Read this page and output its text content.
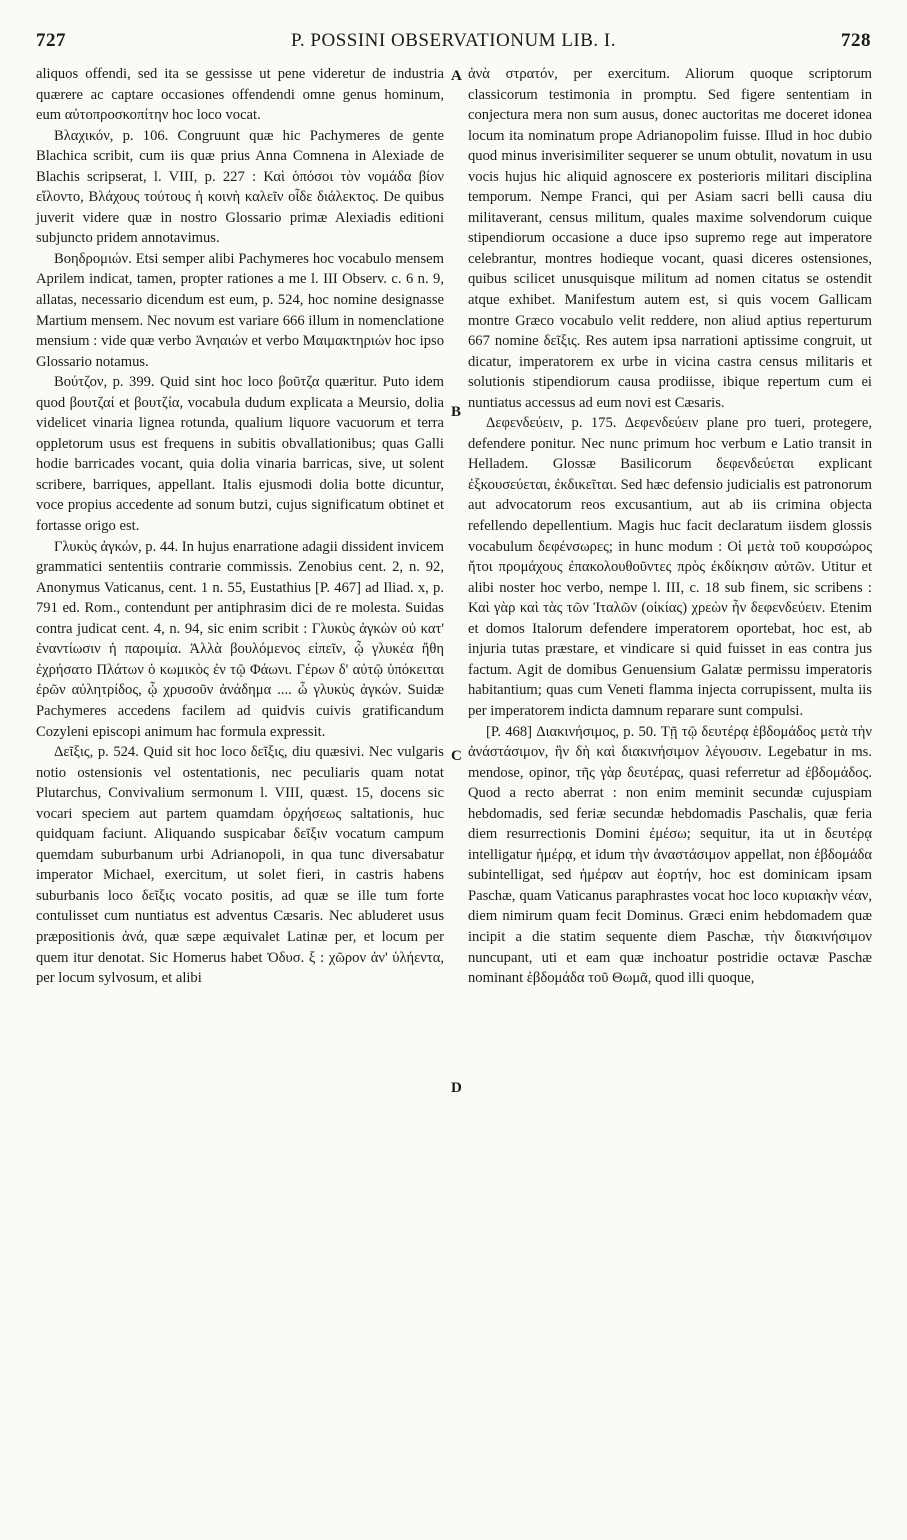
727	P. POSSINI OBSERVATIONUM LIB. I.	728
A
B
C
D

aliquos offendi, sed ita se gessisse ut pene videretur de industria quærere ac captare occasiones offendendi omne genus hominum, eum αὐτοπροσκοπίτην hoc loco vocat.

Βλαχικόν, p. 106. Congruunt quæ hic Pachymeres de gente Blachica scribit, cum iis quæ prius Anna Comnena in Alexiade de Blachis scripserat, l. VIII, p. 227 : Καὶ ὁπόσοι τὸν νομάδα βίον εἵλοντο, Βλάχους τούτους ἡ κοινὴ καλεῖν οἶδε διάλεκτος. De quibus juverit videre quæ in nostro Glossario primæ Alexiadis editioni subjuncto pridem annotavimus.

Βοηδρομιών. Etsi semper alibi Pachymeres hoc vocabulo mensem Aprilem indicat, tamen, propter rationes a me l. III Observ. c. 6 n. 9, allatas, necessario dicendum est eum, p. 524, hoc nomine designasse Martium mensem. Nec novum est variare 666 illum in nomenclatione mensium : vide quæ verbo Ἀνηαιών et verbo Μαιμακτηριών hoc ipso Glossario notamus.

Βούτζον, p. 399. Quid sint hoc loco βοῦτζα quæritur. Puto idem quod βουτζαί et βουτζία, vocabula dudum explicata a Meursio, dolia videlicet vinaria lignea rotunda, qualium liquore vacuorum et terra oppletorum usus est frequens in subitis obvallationibus; quas Galli hodie barricades vocant, quia dolia vinaria barricas, sive, ut solent scribere, barriques, appellant. Italis ejusmodi dolia botte dicuntur, voce propius accedente ad sonum butzi, cujus significatum obtinet et fortasse origo est.

Γλυκὺς ἀγκών, p. 44. In hujus enarratione adagii dissident invicem grammatici sententiis contrarie commissis. Zenobius cent. 2, n. 92, Anonymus Vaticanus, cent. 1 n. 55, Eustathius [P. 467] ad Iliad. x, p. 791 ed. Rom., contendunt per antiphrasim dici de re molesta. Suidas contra judicat cent. 4, n. 94, sic enim scribit : Γλυκὺς ἀγκὼν οὐ κατ' ἐναντίωσιν ἡ παροιμία. Ἀλλὰ βουλόμενος εἰπεῖν, ᾧ γλυκέα ἤθη ἐχρήσατο Πλάτων ὁ κωμικὸς ἐν τῷ Φάωνι. Γέρων δ' αὐτῷ ὑπόκειται ἐρῶν αὐλητρίδος, ᾧ χρυσοῦν ἀνάδημα .... ὦ γλυκὺς ἀγκών. Suidæ Pachymeres accedens facilem ad quidvis cuivis gratificandum Cozyleni episcopi animum hac formula expressit.

Δεῖξις, p. 524. Quid sit hoc loco δεῖξις, diu quæsivi. Nec vulgaris notio ostensionis vel ostentationis, nec peculiaris quam notat Plutarchus, Convivalium sermonum l. VIII, quæst. 15, docens sic vocari speciem aut partem quamdam ὀρχήσεως saltationis, huc quidquam faciunt. Aliquando suspicabar δεῖξιν vocatum campum quemdam suburbanum urbi Adrianopoli, in qua tunc diversabatur imperator Michael, exercitum, ut solet fieri, in castris habens suburbanis loco δεῖξις vocato positis, ad quæ se ille tum forte contulisset cum nuntiatus est adventus Cæsaris. Nec abluderet usus præpositionis ἀνά, quæ sæpe æquivalet Latinæ per, et locum per quem itur denotat. Sic Homerus habet Ὀδυσ. ξ : χῶρον ἀν' ὑλήεντα, per locum sylvosum, et alibi

ἀνὰ στρατόν, per exercitum. Aliorum quoque scriptorum classicorum testimonia in promptu. Sed figere sententiam in conjectura mera non sum ausus, donec auctoritas me doceret idonea locum ita nominatum prope Adrianopolim fuisse. Illud in hoc dubio quod minus inverisimiliter sequerer se unum obtulit, novatum in usu vocis hujus hic aliquid agnoscere ex posterioris militari disciplina temporum. Nempe Franci, qui per Asiam sacri belli causa diu militaverant, census militum, quales maxime solvendorum cuique stipendiorum occasione a duce ipso supremo rege aut imperatore celebrantur, montres hodieque vocant, quasi diceres ostensiones, quibus scilicet unusquisque militum ad nomen citatus se ostendit atque exhibet. Manifestum autem est, si quis vocem Gallicam montre Græco vocabulo velit reddere, non aliud aptius reperturum 667 nomine δεῖξις. Res autem ipsa narrationi aptissime congruit, ut dicatur, imperatorem ex urbe in vicina castra census militaris et solutionis stipendiorum causa prodiisse, ibique repertum cum ei nuntiatus accessus ad eum novi est Cæsaris.

Δεφενδεύειν, p. 175. Δεφενδεύειν plane pro tueri, protegere, defendere ponitur. Nec nunc primum hoc verbum e Latio transit in Helladem. Glossæ Basilicorum δεφενδεύεται explicant ἐξκουσεύεται, ἐκδικεῖται. Sed hæc defensio judicialis est patronorum aut advocatorum reos excusantium, aut ab iis crimina objecta refellendo depellentium. Magis huc facit declaratum iisdem glossis vocabulum δεφένσωρες; in hunc modum : Οἱ μετὰ τοῦ κουρσώρος ἤτοι προμάχους ἐπακολουθοῦντες πρὸς ἐκδίκησιν αὐτῶν. Utitur et alibi noster hoc verbo, nempe l. III, c. 18 sub finem, sic scribens : Καὶ γὰρ καὶ τὰς τῶν Ἰταλῶν (οἰκίας) χρεὼν ἦν δεφενδεύειν. Etenim et domos Italorum defendere imperatorem oportebat, hoc est, ab injuria tutas præstare, et vindicare si quid fuisset in eas contra jus factum. Agit de domibus Genuensium Galatæ permissu imperatoris habitantium; quas cum Veneti flamma injecta corrupissent, multa iis per imperatorem indicta damnum reparare sunt compulsi.

[P. 468] Διακινήσιμος, p. 50. Τῇ τῷ δευτέρᾳ ἑβδομάδος μετὰ τὴν ἀνάστάσιμον, ἣν δὴ καὶ διακινήσιμον λέγουσιν. Legebatur in ms. mendose, opinor, τῆς γὰρ δευτέρας, quasi referretur ad ἑβδομάδος. Quod a recto aberrat : non enim meminit secundæ cujuspiam hebdomadis, sed feriæ secundæ hebdomadis Paschalis, quæ feria diem resurrectionis Domini ἐμέσω; sequitur, ita ut in δευτέρᾳ intelligatur ἡμέρᾳ, et idum τὴν ἀναστάσιμον appellat, non ἑβδομάδα subintelligat, sed ἡμέραν aut ἑορτήν, hoc est dominicam ipsam Paschæ, quam Vaticanus paraphrastes vocat hoc loco κυριακὴν νέαν, diem nimirum quam fecit Dominus. Græci enim hebdomadem quæ incipit a die statim sequente diem Paschæ, τὴν διακινήσιμον nuncupant, uti et eam quæ inchoatur postridie octavæ Paschæ nominant ἑβδομάδα τοῦ Θωμᾶ, quod illi quoque,
